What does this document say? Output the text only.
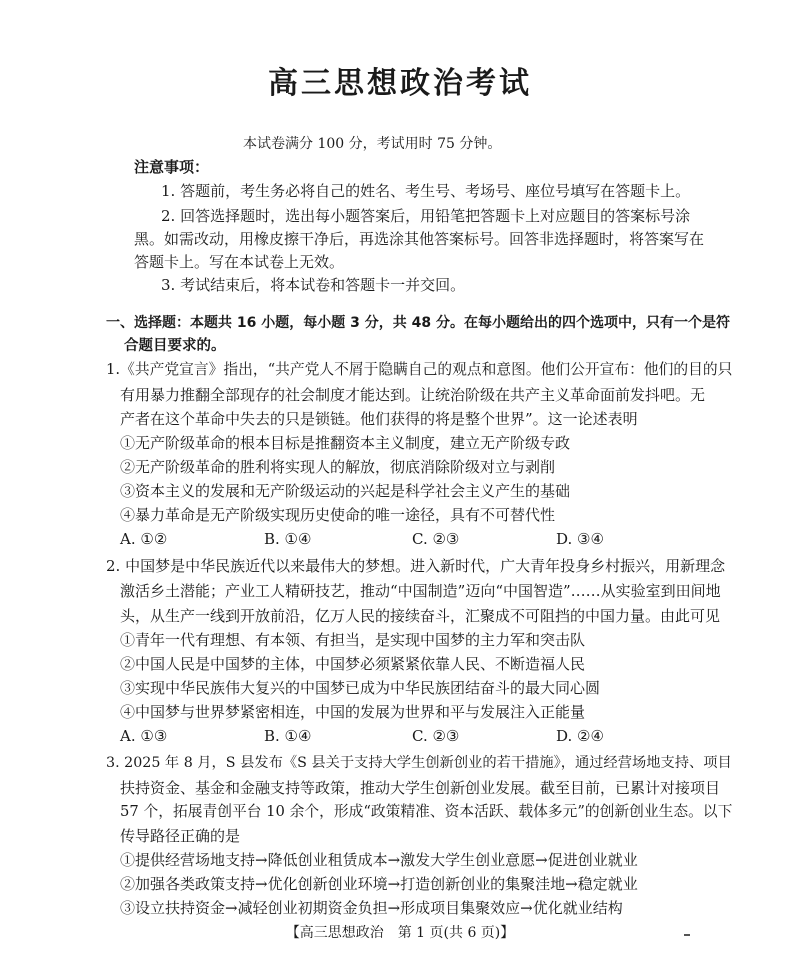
高三思想政治考试
本试卷满分 100 分，考试用时 75 分钟。
注意事项：
1. 答题前，考生务必将自己的姓名、考生号、考场号、座位号填写在答题卡上。
2. 回答选择题时，选出每小题答案后，用铅笔把答题卡上对应题目的答案标号涂
黑。如需改动，用橡皮擦干净后，再选涂其他答案标号。回答非选择题时，将答案写在
答题卡上。写在本试卷上无效。
3. 考试结束后，将本试卷和答题卡一并交回。
一、选择题：本题共 16 小题，每小题 3 分，共 48 分。在每小题给出的四个选项中，只有一个是符
合题目要求的。
1.《共产党宣言》指出，“共产党人不屑于隐瞒自己的观点和意图。他们公开宣布：他们的目的只
有用暴力推翻全部现存的社会制度才能达到。让统治阶级在共产主义革命面前发抖吧。无
产者在这个革命中失去的只是锁链。他们获得的将是整个世界”。这一论述表明
①无产阶级革命的根本目标是推翻资本主义制度，建立无产阶级专政
②无产阶级革命的胜利将实现人的解放，彻底消除阶级对立与剥削
③资本主义的发展和无产阶级运动的兴起是科学社会主义产生的基础
④暴力革命是无产阶级实现历史使命的唯一途径，具有不可替代性
A. ①②	B. ①④	C. ②③	D. ③④
2. 中国梦是中华民族近代以来最伟大的梦想。进入新时代，广大青年投身乡村振兴，用新理念
激活乡土潜能；产业工人精研技艺，推动“中国制造”迈向“中国智造”……从实验室到田间地
头，从生产一线到开放前沿，亿万人民的接续奋斗，汇聚成不可阻挡的中国力量。由此可见
①青年一代有理想、有本领、有担当，是实现中国梦的主力军和突击队
②中国人民是中国梦的主体，中国梦必须紧紧依靠人民、不断造福人民
③实现中华民族伟大复兴的中国梦已成为中华民族团结奋斗的最大同心圆
④中国梦与世界梦紧密相连，中国的发展为世界和平与发展注入正能量
A. ①③	B. ①④	C. ②③	D. ②④
3. 2025 年 8 月，S 县发布《S 县关于支持大学生创新创业的若干措施》，通过经营场地支持、项目
扶持资金、基金和金融支持等政策，推动大学生创新创业发展。截至目前，已累计对接项目
57 个，拓展青创平台 10 余个，形成“政策精准、资本活跃、载体多元”的创新创业生态。以下
传导路径正确的是
①提供经营场地支持→降低创业租赁成本→激发大学生创业意愿→促进创业就业
②加强各类政策支持→优化创新创业环境→打造创新创业的集聚洼地→稳定就业
③设立扶持资金→减轻创业初期资金负担→形成项目集聚效应→优化就业结构
【高三思想政治　第 1 页(共 6 页)】
